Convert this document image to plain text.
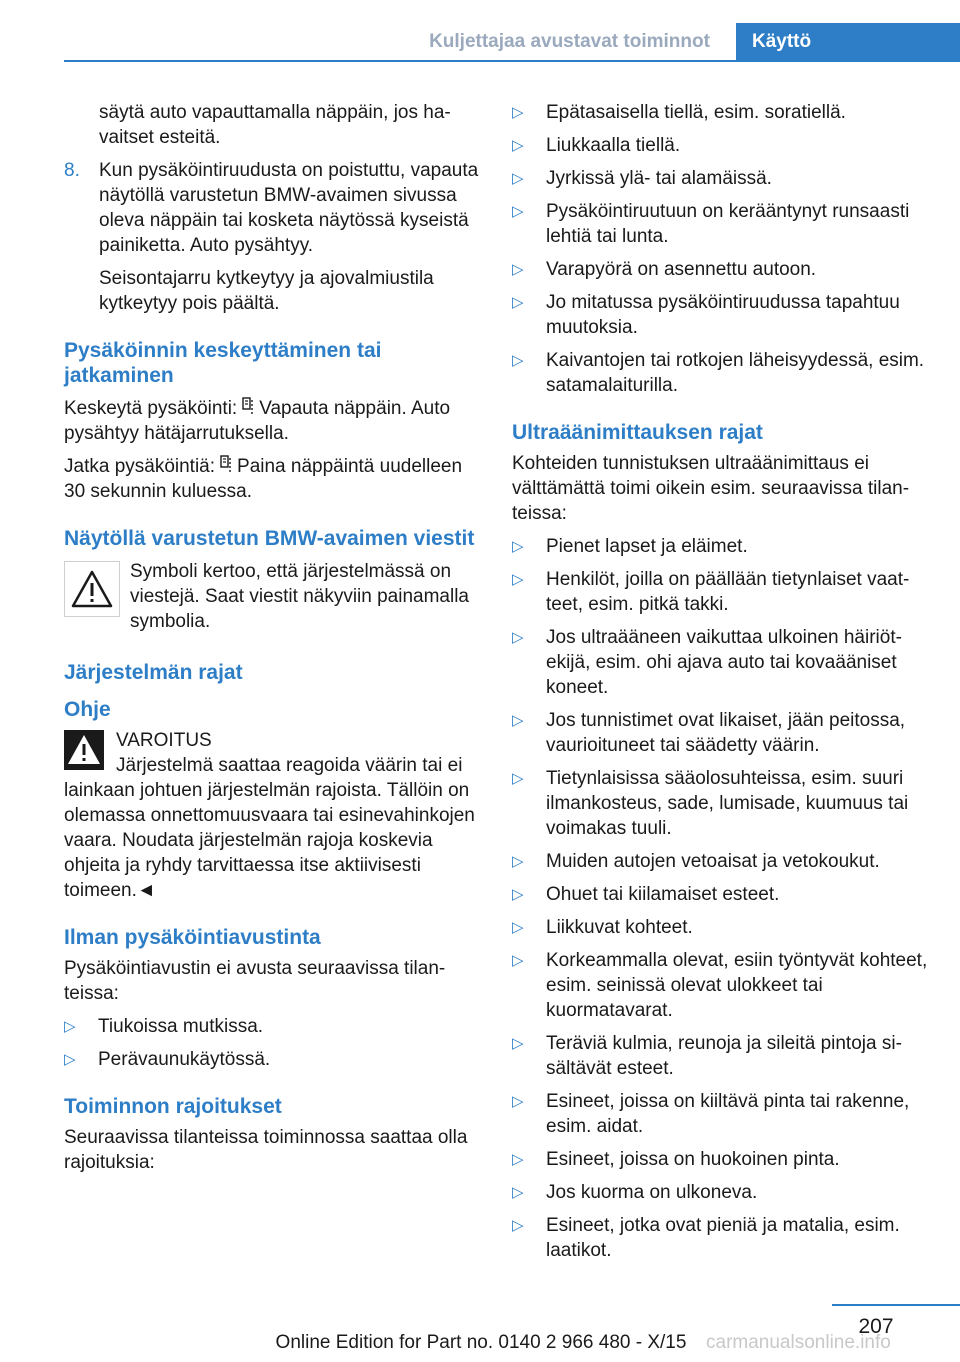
Kuljettajaa avustavat toiminnot	Käyttö

säytä auto vapauttamalla näppäin, jos havaitset esteitä.

8. Kun pysäköintiruudusta on poistuttu, vapauta näytöllä varustetun BMW-avaimen sivussa oleva näppäin tai kosketa näytössä kyseistä painiketta. Auto pysähtyy.

Seisontajarru kytkeytyy ja ajovalmiustila kytkeytyy pois päältä.

Pysäköinnin keskeyttäminen tai jatkaminen

Keskeytä pysäköinti: Vapauta näppäin. Auto pysähtyy hätäjarrutuksella.

Jatka pysäköintiä: Paina näppäintä uudelleen 30 sekunnin kuluessa.

Näytöllä varustetun BMW-avaimen viestit

Symboli kertoo, että järjestelmässä on viestejä. Saat viestit näkyviin painamalla symbolia.

Järjestelmän rajat
Ohje

VAROITUS

Järjestelmä saattaa reagoida väärin tai ei lainkaan johtuen järjestelmän rajoista. Tällöin on olemassa onnettomuusvaara tai esinevahinkojen vaara. Noudata järjestelmän rajoja koskevia ohjeita ja ryhdy tarvittaessa itse aktiivisesti toimeen.◄

Ilman pysäköintiavustinta

Pysäköintiavustin ei avusta seuraavissa tilanteissa:

▷ Tiukoissa mutkissa.
▷ Perävaunukäytössä.
Toiminnon rajoitukset

Seuraavissa tilanteissa toiminnossa saattaa olla rajoituksia:

▷ Epätasaisella tiellä, esim. soratiellä.
▷ Liukkaalla tiellä.
▷ Jyrkissä ylä- tai alamäissä.
▷ Pysäköintiruutuun on kerääntynyt runsaasti lehtiä tai lunta.
▷ Varapyörä on asennettu autoon.
▷ Jo mitatussa pysäköintiruudussa tapahtuu muutoksia.
▷ Kaivantojen tai rotkojen läheisyydessä, esim. satamalaiturilla.
Ultraäänimittauksen rajat

Kohteiden tunnistuksen ultraäänimittaus ei välttämättä toimi oikein esim. seuraavissa tilanteissa:

▷ Pienet lapset ja eläimet.
▷ Henkilöt, joilla on päällään tietynlaiset vaatteet, esim. pitkä takki.
▷ Jos ultraääneen vaikuttaa ulkoinen häiriötekijä, esim. ohi ajava auto tai kovaääniset koneet.
▷ Jos tunnistimet ovat likaiset, jään peitossa, vaurioituneet tai säädetty väärin.
▷ Tietynlaisissa sääolosuhteissa, esim. suuri ilmankosteus, sade, lumisade, kuumuus tai voimakas tuuli.
▷ Muiden autojen vetoaisat ja vetokoukut.
▷ Ohuet tai kiilamaiset esteet.
▷ Liikkuvat kohteet.
▷ Korkeammalla olevat, esiin työntyvät kohteet, esim. seinissä olevat ulokkeet tai kuormatavarat.
▷ Teräviä kulmia, reunoja ja sileitä pintoja sisältävät esteet.
▷ Esineet, joissa on kiiltävä pinta tai rakenne, esim. aidat.
▷ Esineet, joissa on huokoinen pinta.
▷ Jos kuorma on ulkoneva.
▷ Esineet, jotka ovat pieniä ja matalia, esim. laatikot.
207
Online Edition for Part no. 0140 2 966 480 - X/15	carmanualsonline.info
